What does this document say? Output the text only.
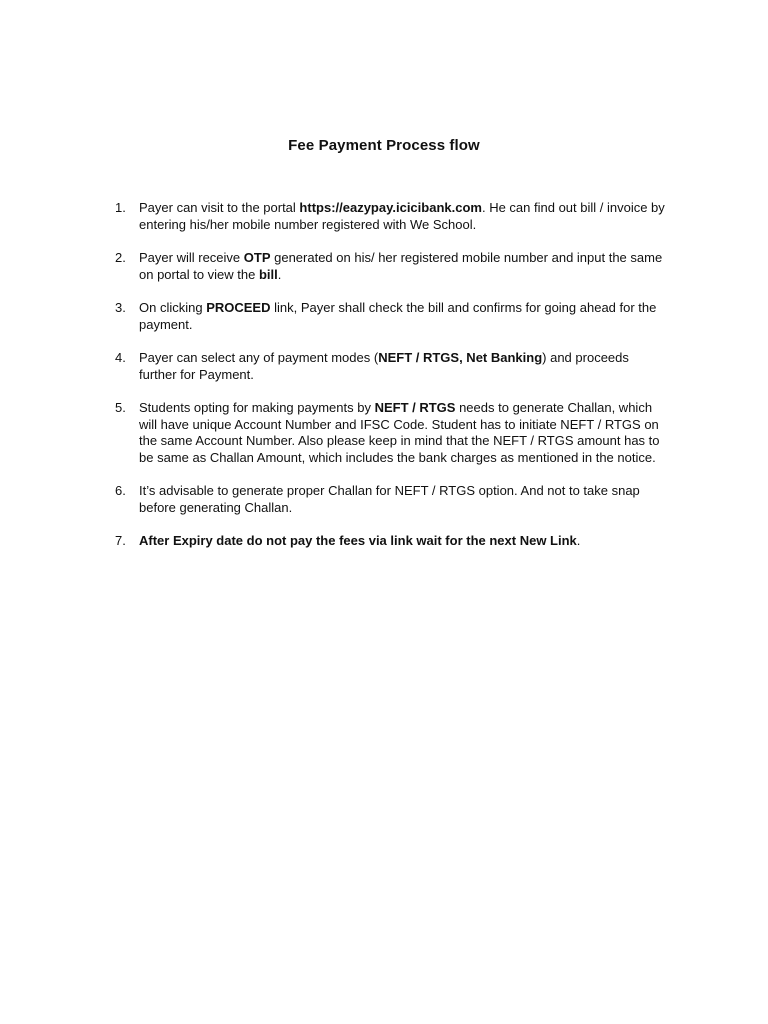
Fee Payment Process flow
1. Payer can visit to the portal https://eazypay.icicibank.com. He can find out bill / invoice by entering his/her mobile number registered with We School.
2. Payer will receive OTP generated on his/ her registered mobile number and input the same on portal to view the bill.
3. On clicking PROCEED link, Payer shall check the bill and confirms for going ahead for the payment.
4. Payer can select any of payment modes (NEFT / RTGS, Net Banking) and proceeds further for Payment.
5. Students opting for making payments by NEFT / RTGS needs to generate Challan, which will have unique Account Number and IFSC Code. Student has to initiate NEFT / RTGS on the same Account Number. Also please keep in mind that the NEFT / RTGS amount has to be same as Challan Amount, which includes the bank charges as mentioned in the notice.
6. It’s advisable to generate proper Challan for NEFT / RTGS option. And not to take snap before generating Challan.
7. After Expiry date do not pay the fees via link wait for the next New Link.
